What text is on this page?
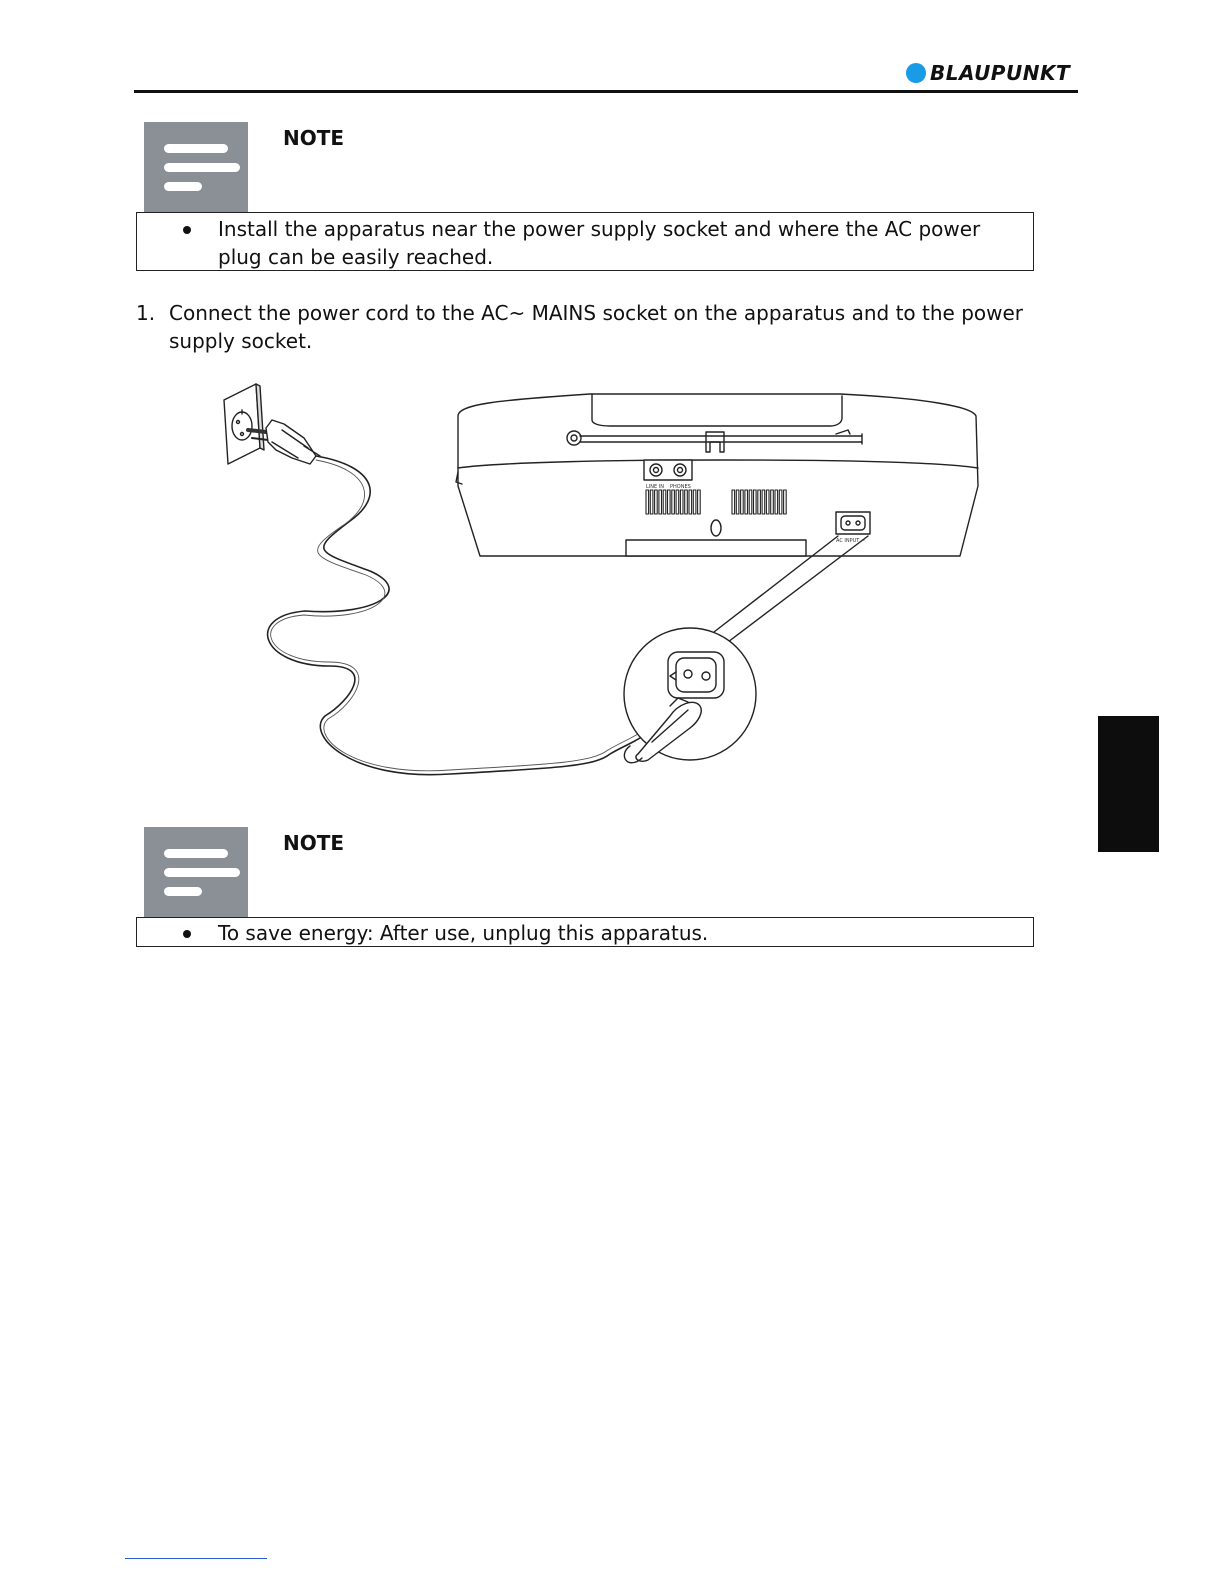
BLAUPUNKT
NOTE
Install the apparatus near the power supply socket and where the AC power plug can be easily reached.
1. Connect the power cord to the AC~ MAINS socket on the apparatus and to the power supply socket.
LINE IN PHONES
AC INPUT ~
NOTE
To save energy: After use, unplug this apparatus.
